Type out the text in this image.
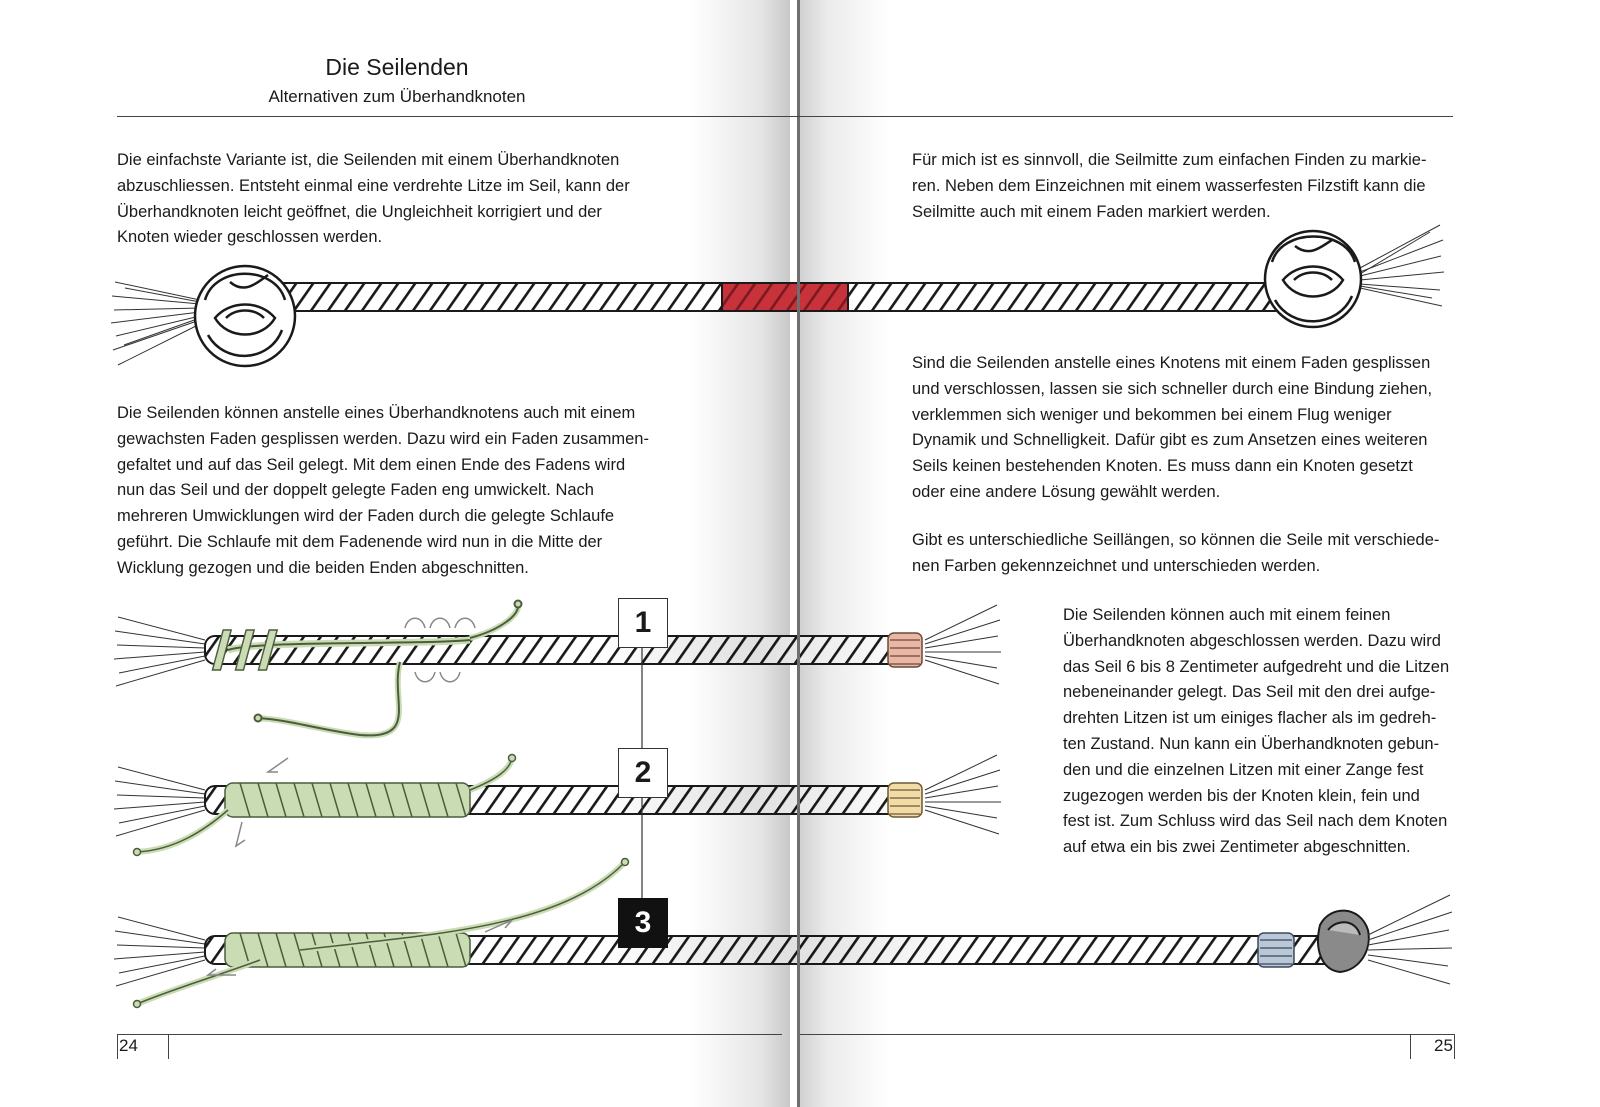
Die Seilenden
Alternativen zum Überhandknoten
Die einfachste Variante ist, die Seilenden mit einem Überhandknoten
abzuschliessen. Entsteht einmal eine verdrehte Litze im Seil, kann der
Überhandknoten leicht geöffnet, die Ungleichheit korrigiert und der
Knoten wieder geschlossen werden.
Die Seilenden können anstelle eines Überhandknotens auch mit einem
gewachsten Faden gesplissen werden. Dazu wird ein Faden zusammen-
gefaltet und auf das Seil gelegt. Mit dem einen Ende des Fadens wird
nun das Seil und der doppelt gelegte Faden eng umwickelt. Nach
mehreren Umwicklungen wird der Faden durch die gelegte Schlaufe
geführt. Die Schlaufe mit dem Fadenende wird nun in die Mitte der
Wicklung gezogen und die beiden Enden abgeschnitten.
Für mich ist es sinnvoll, die Seilmitte zum einfachen Finden zu markie-
ren. Neben dem Einzeichnen mit einem wasserfesten Filzstift kann die
Seilmitte auch mit einem Faden markiert werden.
Sind die Seilenden anstelle eines Knotens mit einem Faden gesplissen
und verschlossen, lassen sie sich schneller durch eine Bindung ziehen,
verklemmen sich weniger und bekommen bei einem Flug weniger
Dynamik und Schnelligkeit. Dafür gibt es zum Ansetzen eines weiteren
Seils keinen bestehenden Knoten. Es muss dann ein Knoten gesetzt
oder eine andere Lösung gewählt werden.
Gibt es unterschiedliche Seillängen, so können die Seile mit verschiede-
nen Farben gekennzeichnet und unterschieden werden.
Die Seilenden können auch mit einem feinen
Überhandknoten abgeschlossen werden. Dazu wird
das Seil 6 bis 8 Zentimeter aufgedreht und die Litzen
nebeneinander gelegt. Das Seil mit den drei aufge-
drehten Litzen ist um einiges flacher als im gedreh-
ten Zustand. Nun kann ein Überhandknoten gebun-
den und die einzelnen Litzen mit einer Zange fest
zugezogen werden bis der Knoten klein, fein und
fest ist. Zum Schluss wird das Seil nach dem Knoten
auf etwa ein bis zwei Zentimeter abgeschnitten.
1
2
3
24	25
